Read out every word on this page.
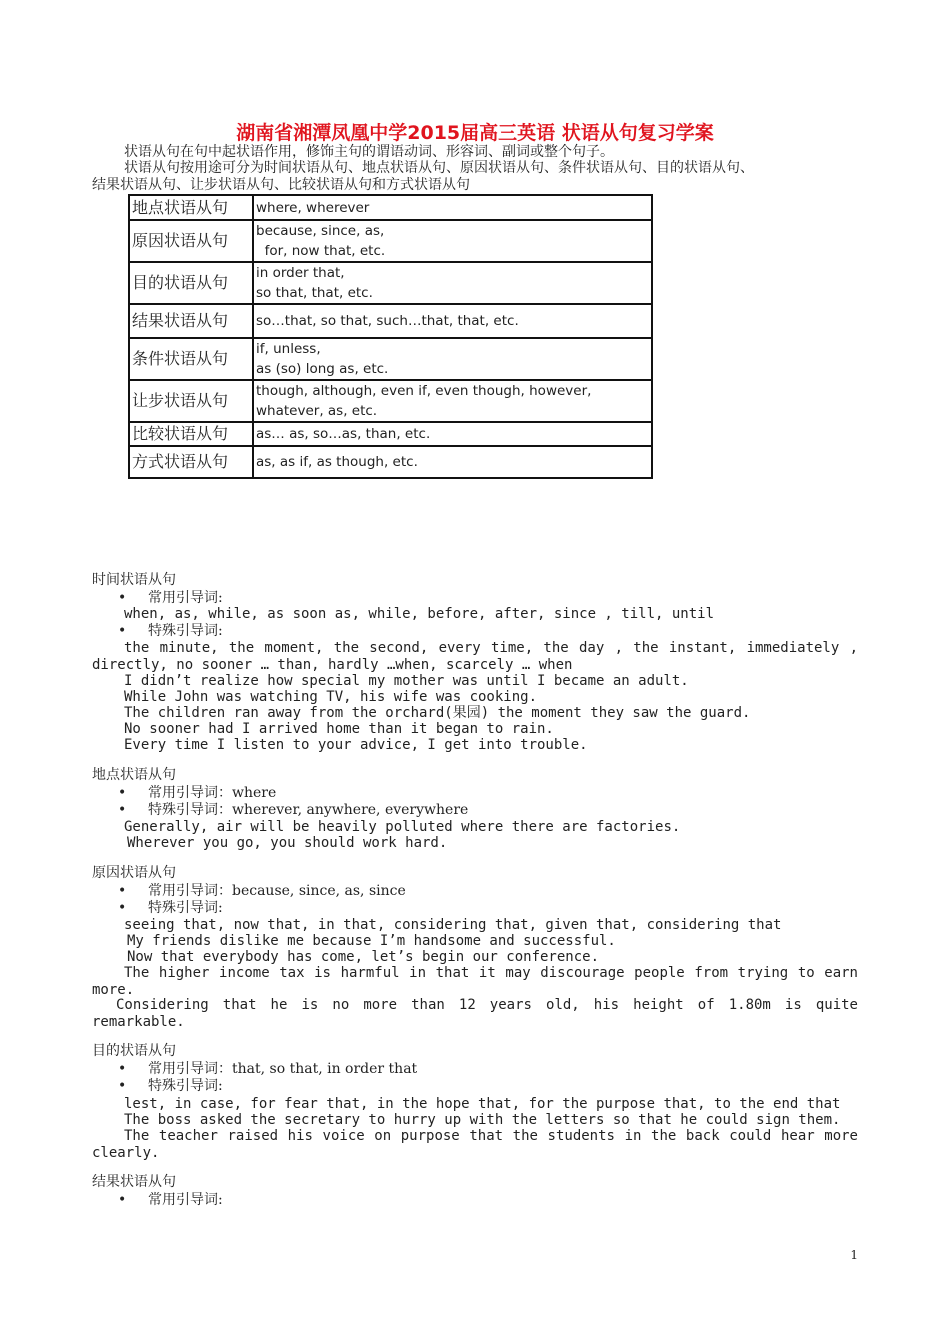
湖南省湘潭凤凰中学2015届高三英语 状语从句复习学案
状语从句在句中起状语作用，修饰主句的谓语动词、形容词、副词或整个句子。
状语从句按用途可分为时间状语从句、地点状语从句、原因状语从句、条件状语从句、目的状语从句、
结果状语从句、让步状语从句、比较状语从句和方式状语从句
地点状语从句	where, wherever

原因状语从句	because, since, as,
for, now that, etc.

目的状语从句	in order that,
so that, that, etc.

结果状语从句	so…that, so that, such…that, that, etc.

条件状语从句	if, unless,
as (so) long as, etc.

让步状语从句	though, although, even if, even though, however,
whatever, as, etc.

比较状语从句	as… as, so…as, than, etc.

方式状语从句	as, as if, as though, etc.
时间状语从句
• 常用引导词:
when, as, while, as soon as, while, before, after, since , till, until
• 特殊引导词:
the minute, the moment, the second, every time, the day , the instant, immediately ,
directly, no sooner … than, hardly …when, scarcely … when
I didn’t realize how special my mother was until I became an adult.
While John was watching TV, his wife was cooking.
The children ran away from the orchard(果园) the moment they saw the guard.
No sooner had I arrived home than it began to rain.
Every time I listen to your advice, I get into trouble.
地点状语从句
• 常用引导词：where
• 特殊引导词：wherever, anywhere, everywhere
Generally, air will be heavily polluted where there are factories.
Wherever you go, you should work hard.
原因状语从句
• 常用引导词：because, since, as, since
• 特殊引导词:
seeing that, now that, in that, considering that, given that, considering that
My friends dislike me because I’m handsome and successful.
Now that everybody has come, let’s begin our conference.
The higher income tax is harmful in that it may discourage people from trying to earn
more.
Considering that he is no more than 12 years old, his height of 1.80m is quite
remarkable.
目的状语从句
• 常用引导词：that, so that, in order that
• 特殊引导词:
lest, in case, for fear that, in the hope that, for the purpose that, to the end that
The boss asked the secretary to hurry up with the letters so that he could sign them.
The teacher raised his voice on purpose that the students in the back could hear more
clearly.
结果状语从句
• 常用引导词:
1
